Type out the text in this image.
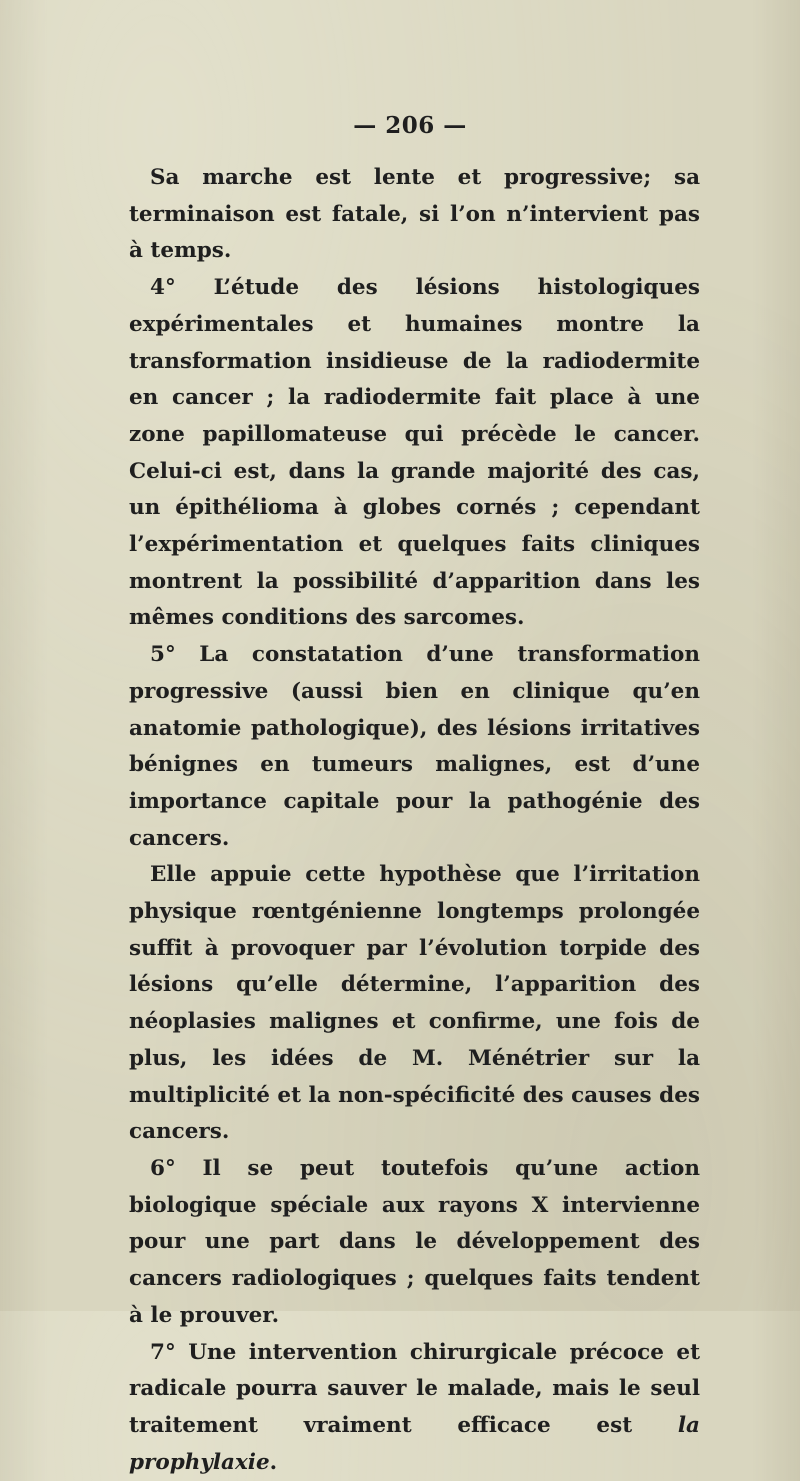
— 206 —

Sa marche est lente et progressive; sa terminaison est fatale, si l’on n’intervient pas à temps.

4° L’étude des lésions histologiques expérimentales et humaines montre la transformation insidieuse de la radiodermite en cancer ; la radiodermite fait place à une zone papillomateuse qui précède le cancer. Celui-ci est, dans la grande majorité des cas, un épithélioma à globes cornés ; cependant l’expérimentation et quelques faits cliniques montrent la possibilité d’apparition dans les mêmes conditions des sarcomes.

5° La constatation d’une transformation progressive (aussi bien en clinique qu’en anatomie pathologique), des lésions irritatives bénignes en tumeurs malignes, est d’une importance capitale pour la pathogénie des cancers.

Elle appuie cette hypothèse que l’irritation physique rœntgénienne longtemps prolongée suffit à provoquer par l’évolution torpide des lésions qu’elle détermine, l’apparition des néoplasies malignes et confirme, une fois de plus, les idées de M. Ménétrier sur la multiplicité et la non-spécificité des causes des cancers.

6° Il se peut toutefois qu’une action biologique spéciale aux rayons X intervienne pour une part dans le développement des cancers radiologiques ; quelques faits tendent à le prouver.

7° Une intervention chirurgicale précoce et radicale pourra sauver le malade, mais le seul traitement vraiment efficace est la prophylaxie.
